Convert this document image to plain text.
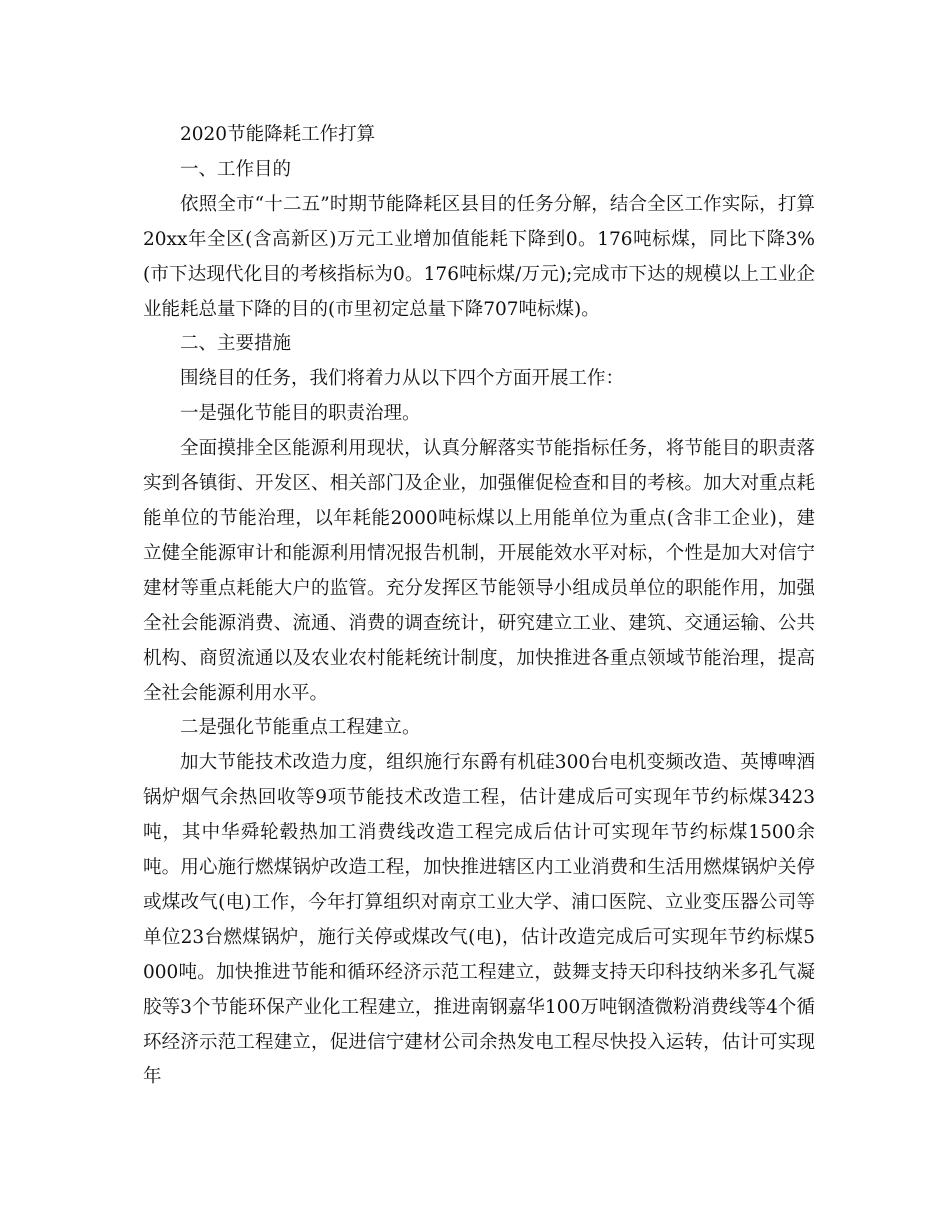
2020节能降耗工作打算

一、工作目的

依照全市“十二五”时期节能降耗区县目的任务分解，结合全区工作实际，打算20xx年全区(含高新区)万元工业增加值能耗下降到0。176吨标煤，同比下降3%(市下达现代化目的考核指标为0。176吨标煤/万元);完成市下达的规模以上工业企业能耗总量下降的目的(市里初定总量下降707吨标煤)。

二、主要措施

围绕目的任务，我们将着力从以下四个方面开展工作：

一是强化节能目的职责治理。

全面摸排全区能源利用现状，认真分解落实节能指标任务，将节能目的职责落实到各镇街、开发区、相关部门及企业，加强催促检查和目的考核。加大对重点耗能单位的节能治理，以年耗能2000吨标煤以上用能单位为重点(含非工企业)，建立健全能源审计和能源利用情况报告机制，开展能效水平对标，个性是加大对信宁建材等重点耗能大户的监管。充分发挥区节能领导小组成员单位的职能作用，加强全社会能源消费、流通、消费的调查统计，研究建立工业、建筑、交通运输、公共机构、商贸流通以及农业农村能耗统计制度，加快推进各重点领域节能治理，提高全社会能源利用水平。

二是强化节能重点工程建立。

加大节能技术改造力度，组织施行东爵有机硅300台电机变频改造、英博啤酒锅炉烟气余热回收等9项节能技术改造工程，估计建成后可实现年节约标煤3423吨，其中华舜轮毂热加工消费线改造工程完成后估计可实现年节约标煤1500余吨。用心施行燃煤锅炉改造工程，加快推进辖区内工业消费和生活用燃煤锅炉关停或煤改气(电)工作，今年打算组织对南京工业大学、浦口医院、立业变压器公司等单位23台燃煤锅炉，施行关停或煤改气(电)，估计改造完成后可实现年节约标煤5000吨。加快推进节能和循环经济示范工程建立，鼓舞支持天印科技纳米多孔气凝胶等3个节能环保产业化工程建立，推进南钢嘉华100万吨钢渣微粉消费线等4个循环经济示范工程建立，促进信宁建材公司余热发电工程尽快投入运转，估计可实现年
